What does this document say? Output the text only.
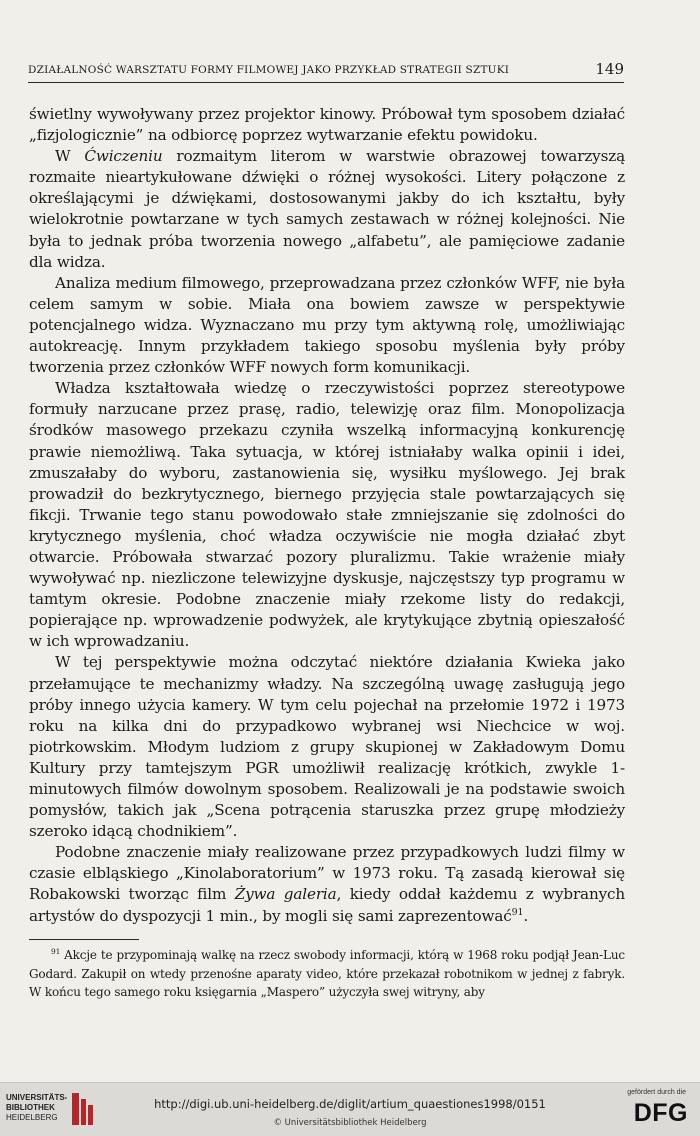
DZIAŁALNOŚĆ WARSZTATU FORMY FILMOWEJ JAKO PRZYKŁAD STRATEGII SZTUKI	149

świetlny wywoływany przez projektor kinowy. Próbował tym sposobem działać „fizjologicznie” na odbiorcę poprzez wytwarzanie efektu powidoku.

W Ćwiczeniu rozmaitym literom w warstwie obrazowej towarzyszą rozmaite nieartykułowane dźwięki o różnej wysokości. Litery połączone z określającymi je dźwiękami, dostosowanymi jakby do ich kształtu, były wielokrotnie powtarzane w tych samych zestawach w różnej kolejności. Nie była to jednak próba tworzenia nowego „alfabetu”, ale pamięciowe zadanie dla widza.

Analiza medium filmowego, przeprowadzana przez członków WFF, nie była celem samym w sobie. Miała ona bowiem zawsze w perspektywie potencjalnego widza. Wyznaczano mu przy tym aktywną rolę, umożliwiając autokreację. Innym przykładem takiego sposobu myślenia były próby tworzenia przez członków WFF nowych form komunikacji.

Władza kształtowała wiedzę o rzeczywistości poprzez stereotypowe formuły narzucane przez prasę, radio, telewizję oraz film. Monopolizacja środków masowego przekazu czyniła wszelką informacyjną konkurencję prawie niemożliwą. Taka sytuacja, w której istniałaby walka opinii i idei, zmuszałaby do wyboru, zastanowienia się, wysiłku myślowego. Jej brak prowadził do bezkrytycznego, biernego przyjęcia stale powtarzających się fikcji. Trwanie tego stanu powodowało stałe zmniejszanie się zdolności do krytycznego myślenia, choć władza oczywiście nie mogła działać zbyt otwarcie. Próbowała stwarzać pozory pluralizmu. Takie wrażenie miały wywoływać np. niezliczone telewizyjne dyskusje, najczęstszy typ programu w tamtym okresie. Podobne znaczenie miały rzekome listy do redakcji, popierające np. wprowadzenie podwyżek, ale krytykujące zbytnią opieszałość w ich wprowadzaniu.

W tej perspektywie można odczytać niektóre działania Kwieka jako przełamujące te mechanizmy władzy. Na szczególną uwagę zasługują jego próby innego użycia kamery. W tym celu pojechał na przełomie 1972 i 1973 roku na kilka dni do przypadkowo wybranej wsi Niechcice w woj. piotrkowskim. Młodym ludziom z grupy skupionej w Zakładowym Domu Kultury przy tamtejszym PGR umożliwił realizację krótkich, zwykle 1-minutowych filmów dowolnym sposobem. Realizowali je na podstawie swoich pomysłów, takich jak „Scena potrącenia staruszka przez grupę młodzieży szeroko idącą chodnikiem”.

Podobne znaczenie miały realizowane przez przypadkowych ludzi filmy w czasie elbląskiego „Kinolaboratorium” w 1973 roku. Tą zasadą kierował się Robakowski tworząc film Żywa galeria, kiedy oddał każdemu z wybranych artystów do dyspozycji 1 min., by mogli się sami zaprezentować$^{91}$.

$^{91}$ Akcje te przypominają walkę na rzecz swobody informacji, którą w 1968 roku podjął Jean-Luc Godard. Zakupił on wtedy przenośne aparaty video, które przekazał robotnikom w jednej z fabryk. W końcu tego samego roku księgarnia „Maspero” użyczyła swej witryny, aby
UNIVERSITÄTS-
BIBLIOTHEK
HEIDELBERG
http://digi.ub.uni-heidelberg.de/diglit/artium_quaestiones1998/0151
© Universitätsbibliothek Heidelberg
gefördert durch die
DFG
